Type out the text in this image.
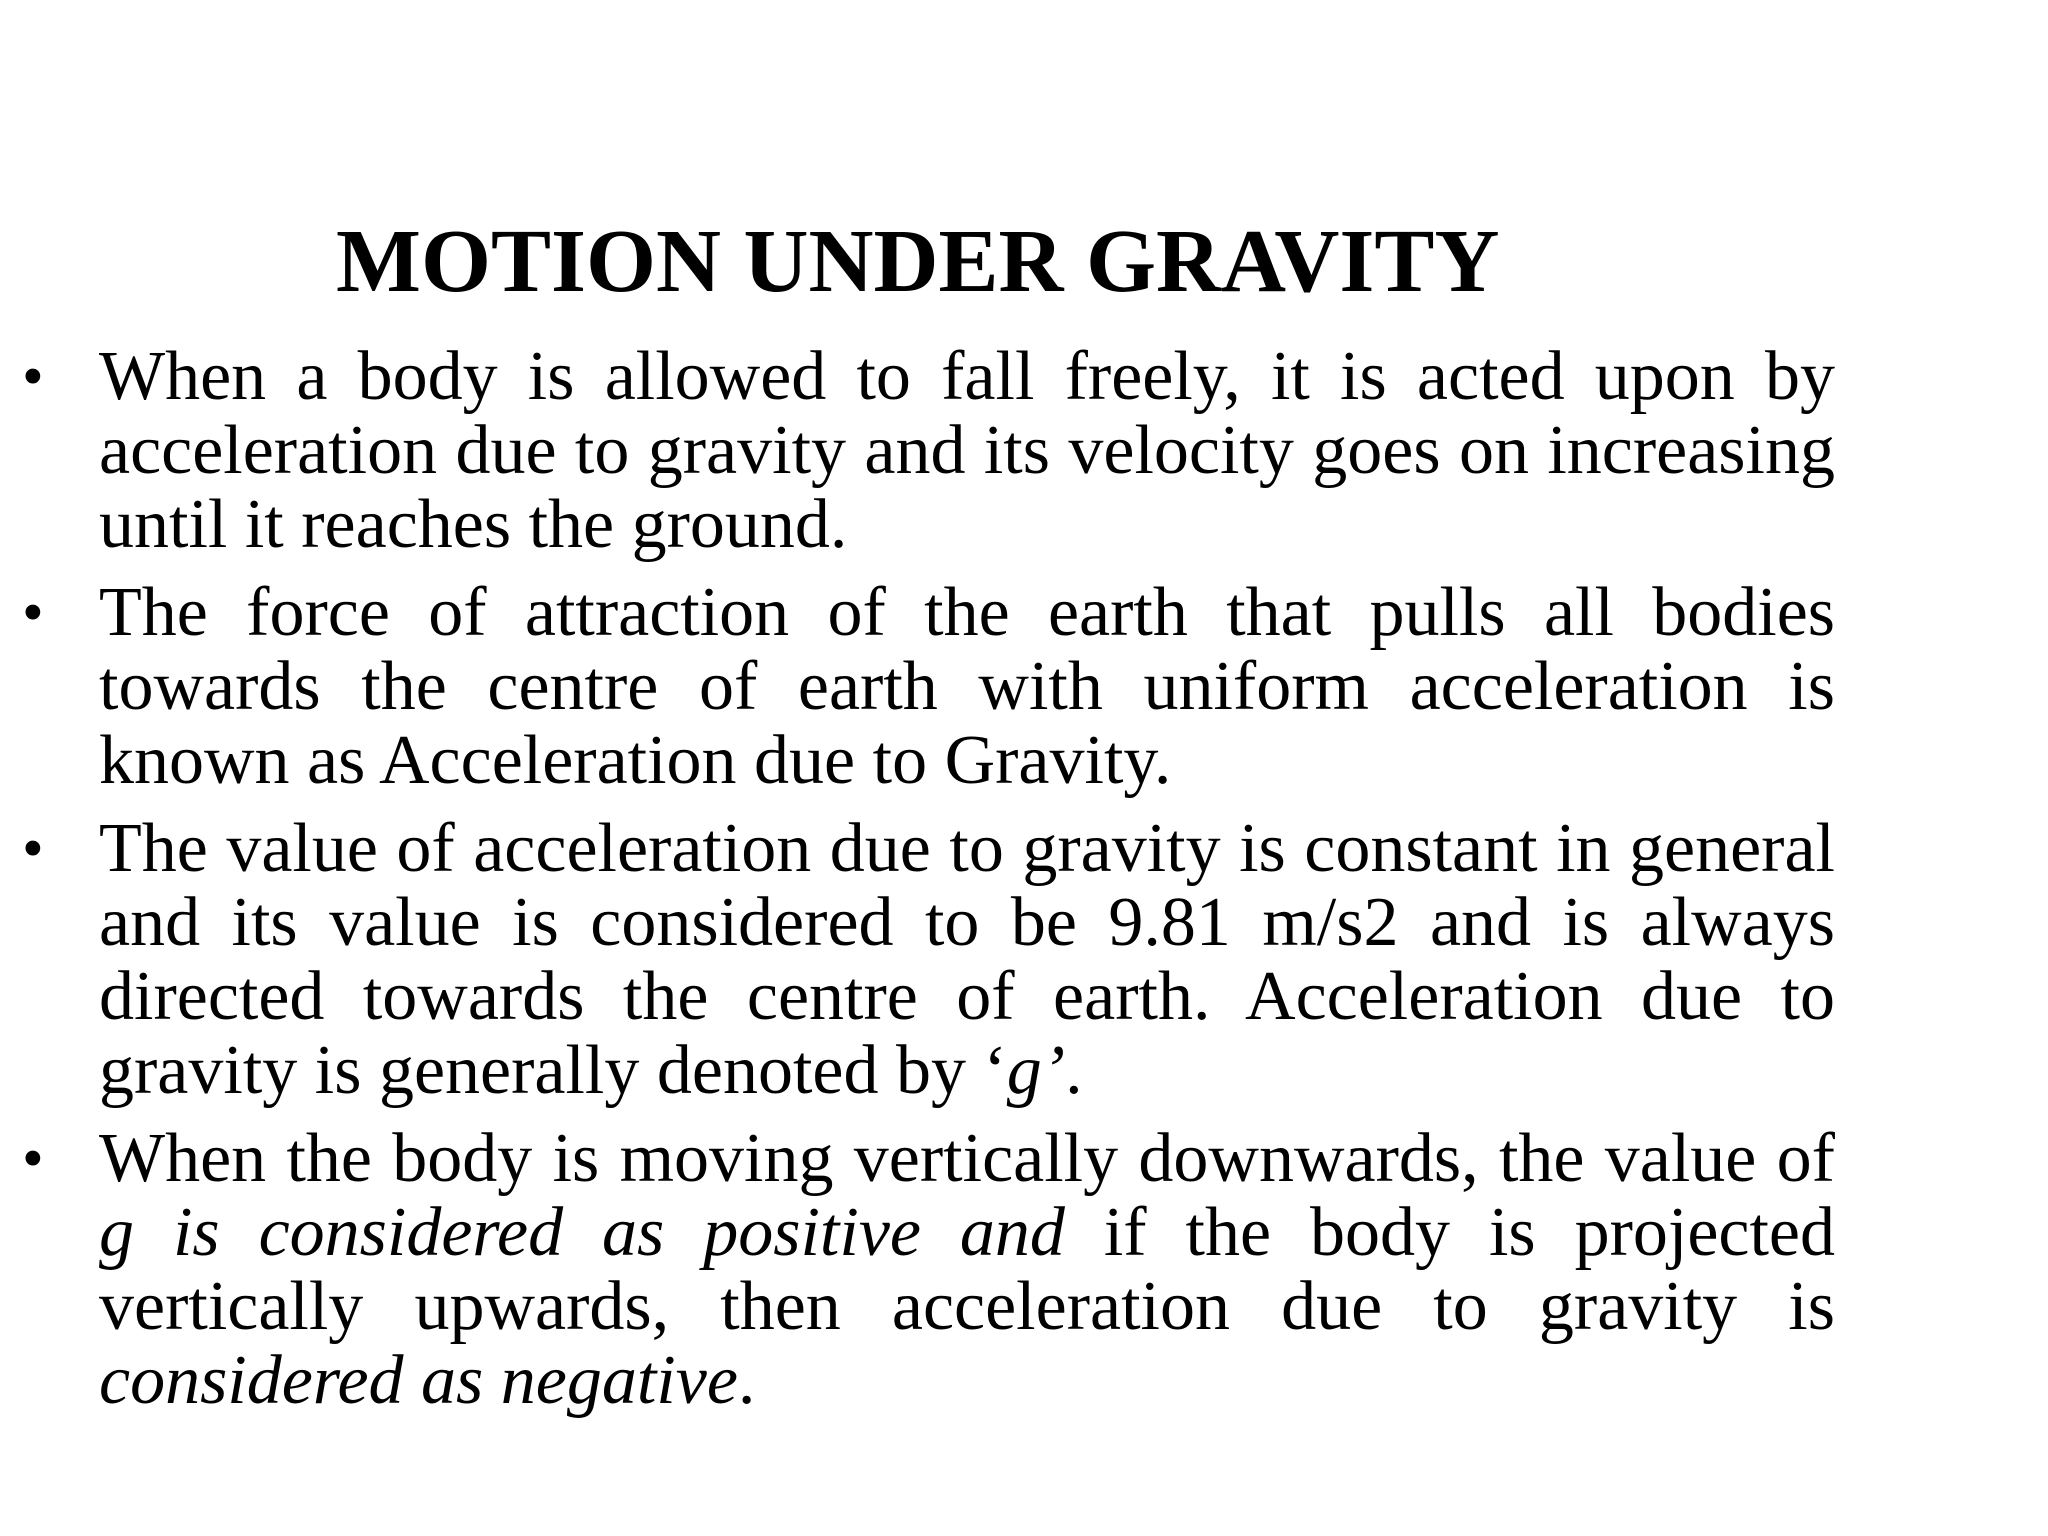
MOTION UNDER GRAVITY
• When a body is allowed to fall freely, it is acted upon by acceleration due to gravity and its velocity goes on increasing until it reaches the ground.
• The force of attraction of the earth that pulls all bodies towards the centre of earth with uniform acceleration is known as Acceleration due to Gravity.
• The value of acceleration due to gravity is constant in general and its value is considered to be 9.81 m/s2 and is always directed towards the centre of earth. Acceleration due to gravity is generally denoted by ‘g’.
• When the body is moving vertically downwards, the value of g is considered as positive and if the body is projected vertically upwards, then acceleration due to gravity is considered as negative.
